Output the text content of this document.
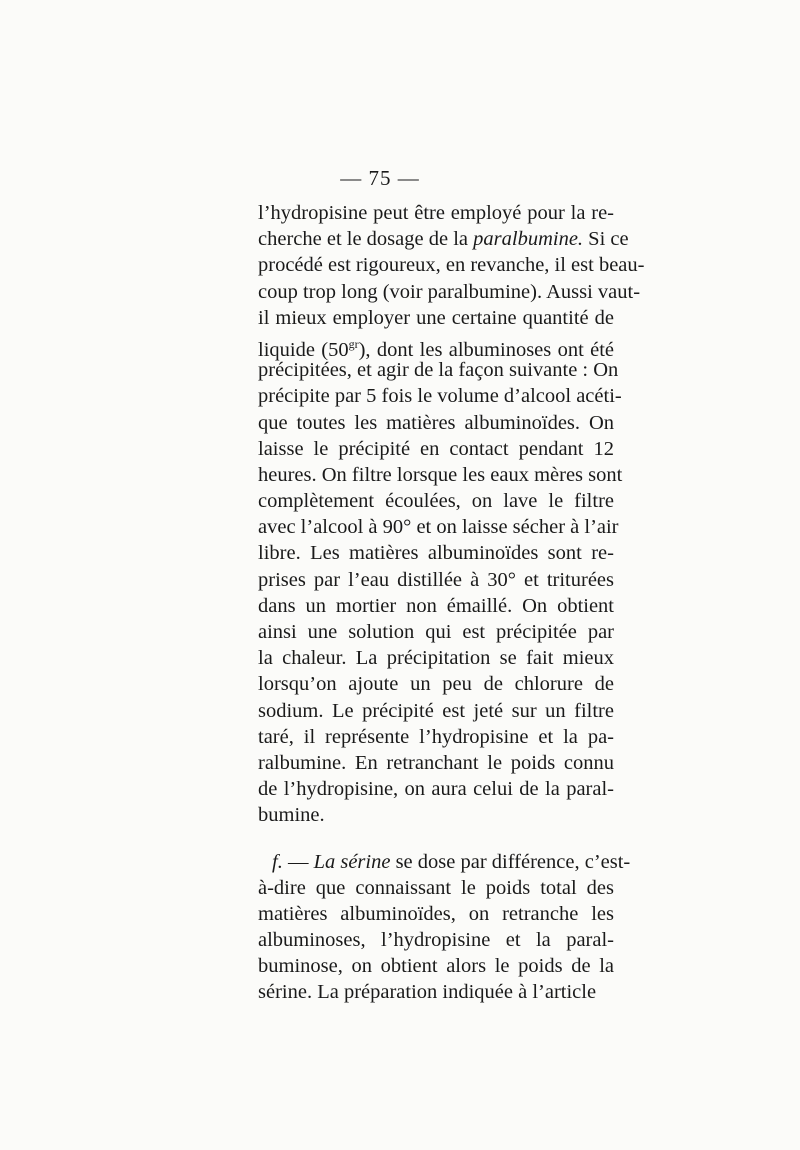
— 75 —
l’hydropisine peut être employé pour la re-
cherche et le dosage de la paralbumine. Si ce
procédé est rigoureux, en revanche, il est beau-
coup trop long (voir paralbumine). Aussi vaut-
il mieux employer une certaine quantité de
liquide $(50^{gr})$, dont les albuminoses ont été
précipitées, et agir de la façon suivante : On
précipite par 5 fois le volume d’alcool acéti-
que toutes les matières albuminoïdes. On
laisse le précipité en contact pendant 12
heures. On filtre lorsque les eaux mères sont
complètement écoulées, on lave le filtre
avec l’alcool à 90° et on laisse sécher à l’air
libre. Les matières albuminoïdes sont re-
prises par l’eau distillée à 30° et triturées
dans un mortier non émaillé. On obtient
ainsi une solution qui est précipitée par
la chaleur. La précipitation se fait mieux
lorsqu’on ajoute un peu de chlorure de
sodium. Le précipité est jeté sur un filtre
taré, il représente l’hydropisine et la pa-
ralbumine. En retranchant le poids connu
de l’hydropisine, on aura celui de la paral-
bumine.
f. — La sérine se dose par différence, c’est-
à-dire que connaissant le poids total des
matières albuminoïdes, on retranche les
albuminoses, l’hydropisine et la paral-
buminose, on obtient alors le poids de la
sérine. La préparation indiquée à l’article
